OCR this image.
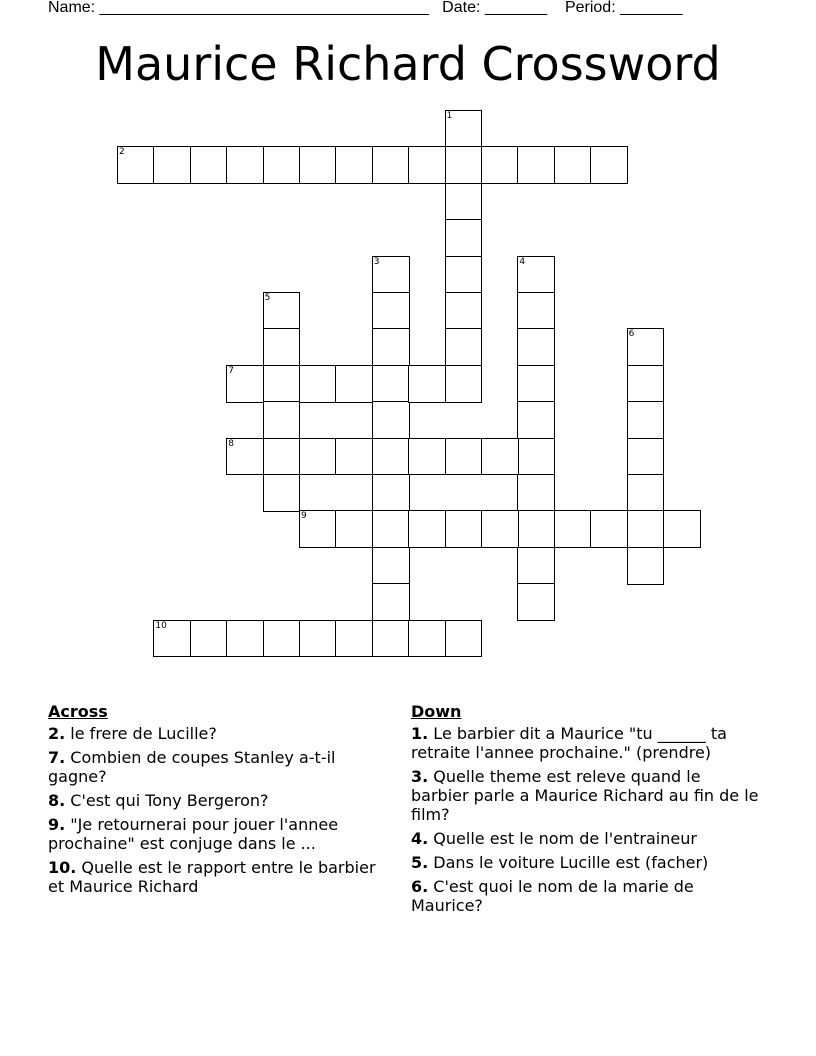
Name: _____________________________________ Date: _______ Period: _______
Maurice Richard Crossword
1
2
3	4
5
6
7
8
9
10
Across
2. le frere de Lucille?
7. Combien de coupes Stanley a-t-il gagne?
8. C'est qui Tony Bergeron?
9. "Je retournerai pour jouer l'annee prochaine" est conjuge dans le ...
10. Quelle est le rapport entre le barbier et Maurice Richard
Down
1. Le barbier dit a Maurice "tu ______ ta retraite l'annee prochaine." (prendre)
3. Quelle theme est releve quand le barbier parle a Maurice Richard au fin de le film?
4. Quelle est le nom de l'entraineur
5. Dans le voiture Lucille est (facher)
6. C'est quoi le nom de la marie de Maurice?
